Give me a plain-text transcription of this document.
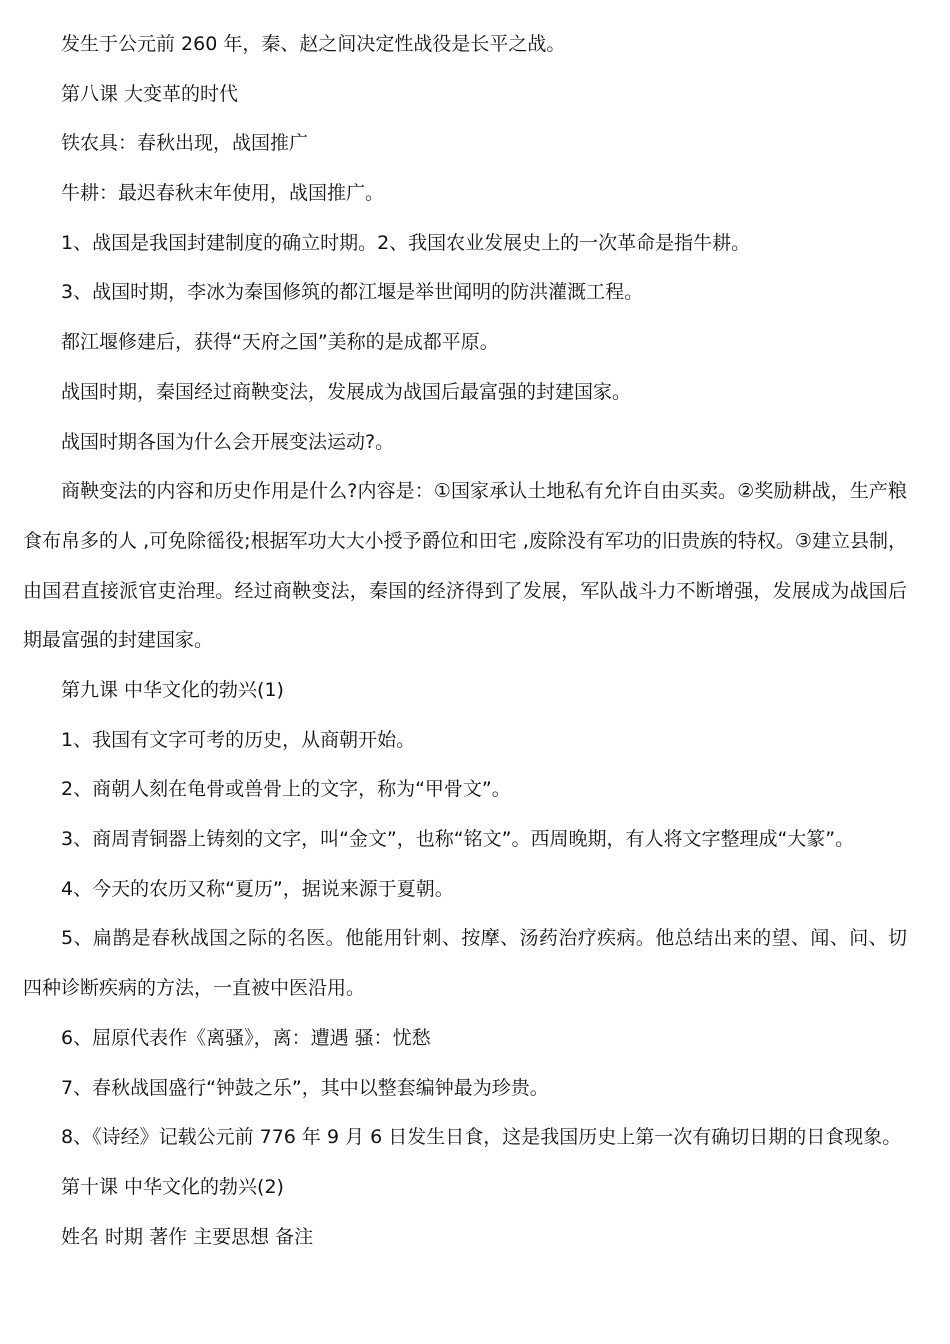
发生于公元前 260 年，秦、赵之间决定性战役是长平之战。
第八课 大变革的时代
铁农具：春秋出现，战国推广
牛耕：最迟春秋末年使用，战国推广。
1、战国是我国封建制度的确立时期。2、我国农业发展史上的一次革命是指牛耕。
3、战国时期，李冰为秦国修筑的都江堰是举世闻明的防洪灌溉工程。
都江堰修建后，获得“天府之国”美称的是成都平原。
战国时期，秦国经过商鞅变法，发展成为战国后最富强的封建国家。
战国时期各国为什么会开展变法运动?。

商鞅变法的内容和历史作用是什么?内容是：①国家承认土地私有允许自由买卖。②奖励耕战，生产粮食布帛多的人 ,可免除徭役;根据军功大大小授予爵位和田宅 ,废除没有军功的旧贵族的特权。③建立县制，由国君直接派官吏治理。经过商鞅变法，秦国的经济得到了发展，军队战斗力不断增强，发展成为战国后期最富强的封建国家。

第九课 中华文化的勃兴(1)
1、我国有文字可考的历史，从商朝开始。
2、商朝人刻在龟骨或兽骨上的文字，称为“甲骨文”。
3、商周青铜器上铸刻的文字，叫“金文”，也称“铭文”。西周晚期，有人将文字整理成“大篆”。
4、今天的农历又称“夏历”，据说来源于夏朝。

5、扁鹊是春秋战国之际的名医。他能用针刺、按摩、汤药治疗疾病。他总结出来的望、闻、问、切四种诊断疾病的方法，一直被中医沿用。

6、屈原代表作《离骚》，离：遭遇 骚：忧愁
7、春秋战国盛行“钟鼓之乐”，其中以整套编钟最为珍贵。
8、《诗经》记载公元前 776 年 9 月 6 日发生日食，这是我国历史上第一次有确切日期的日食现象。
第十课 中华文化的勃兴(2)
姓名 时期 著作 主要思想 备注
